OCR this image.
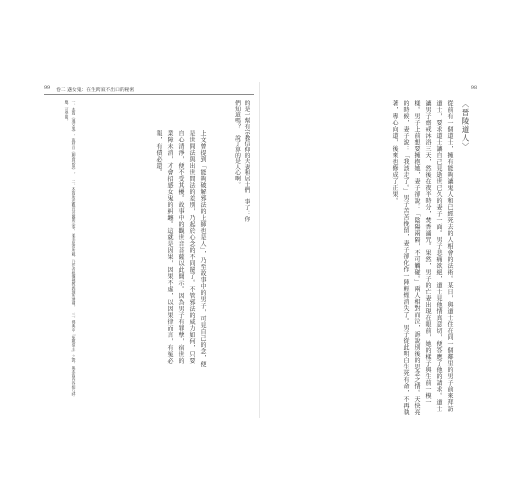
99 卷二 遇女鬼：在生跨寂不出口的秘密
的是一幫有宗教信仰的夫妻和居士們　事了：你們知道嗎？　說了算的是人心啊。
上文曾提到「能夠破解邪法的上師也是人」，乃至故事中的男子，可見自己的念，便是世間法與出世間法的差別，乃起於心念的不同罷了。不管邪法的威力如何，只要自心清淨，便不受其擾。故事中的觀世音菩薩以此開示。因為男子有罪孽，宿世的業障未消，才會招感女鬼的糾纏。這就是因果，因果不虛，以因果律而言，有冤必報，有債必還。
一、本篇《遇女鬼》，取材自《聊齋誌異》。　二、本篇所述觀音菩薩開示事，並非原著所載，乃作者根據佛教義理所增補。　三、佛典中「冤親債主」之說，與本篇內容相互呼應，可參閱。
98
〈晉陵道人〉
從前有一個道士，擁有能夠讓鬼人和已經死去的人相會的法術。某日，與道士住在同一個鄰里的男子前來拜訪道士，要求道士讓自己見逝世已久的妻子一面。男子悲痛欲絕，道士見他情真意切，便答應了他的請求。道士讓男子齋戒沐浴三天，然後在夜半時分，焚香誦咒。果然，男子的亡妻出現在眼前，她的樣子與生前一模一樣。男子上前想要擁抱她，妻子卻說：「陰陽兩隔，不可觸碰。」兩人相對而泣，訴說別後的思念之情。天快亮的時候，妻子說：「我該走了。」男子苦苦挽留，妻子卻化作一陣輕煙消失了。男子從此明白生死有命，不再執著，專心向道，後來也修成了正果。
